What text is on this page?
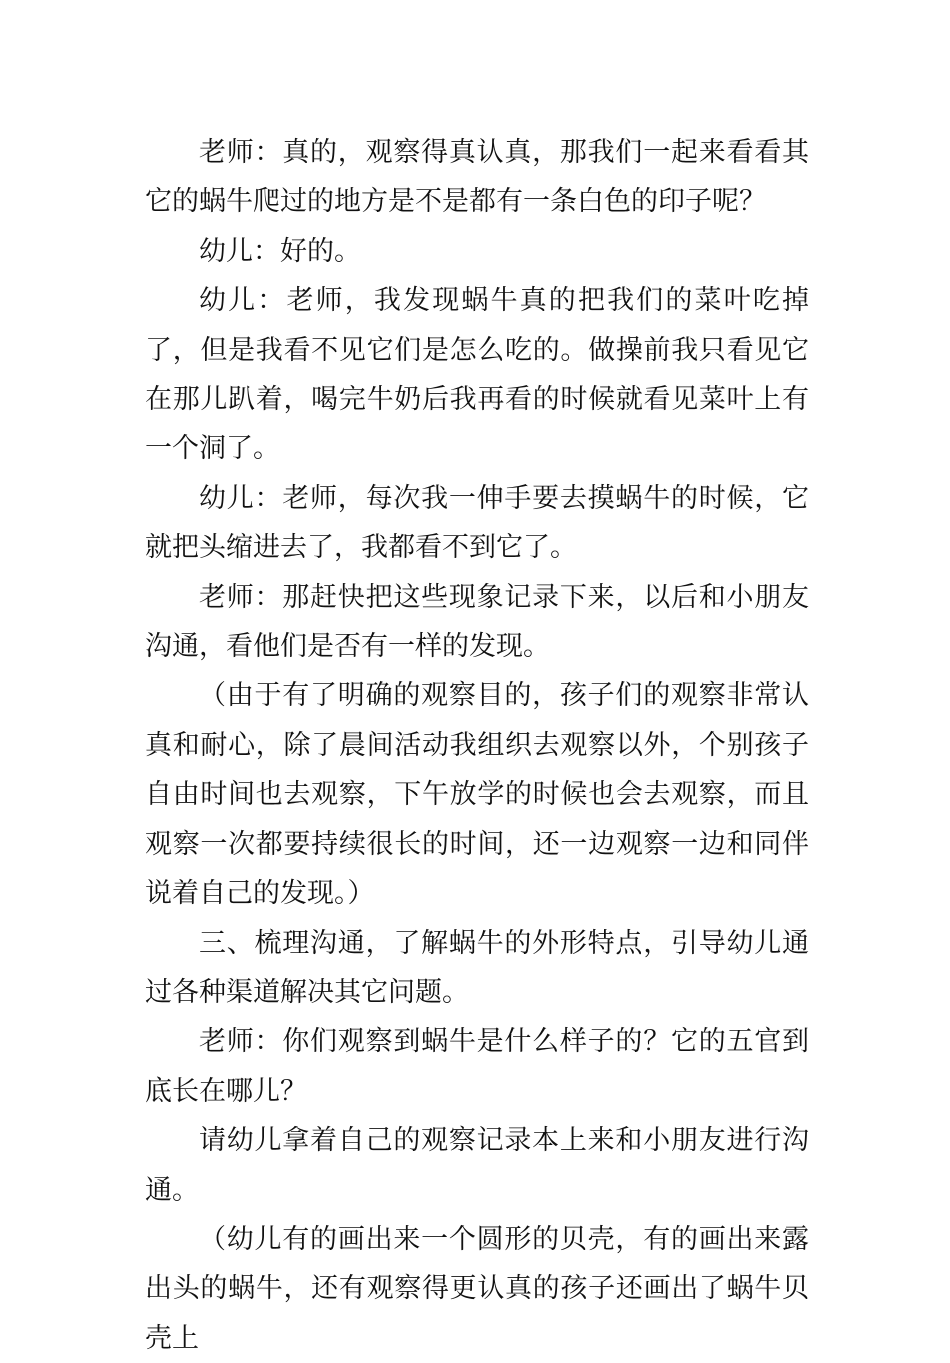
老师：真的，观察得真认真，那我们一起来看看其它的蜗牛爬过的地方是不是都有一条白色的印子呢？

幼儿：好的。

幼儿：老师，我发现蜗牛真的把我们的菜叶吃掉了，但是我看不见它们是怎么吃的。做操前我只看见它在那儿趴着，喝完牛奶后我再看的时候就看见菜叶上有一个洞了。

幼儿：老师，每次我一伸手要去摸蜗牛的时候，它就把头缩进去了，我都看不到它了。

老师：那赶快把这些现象记录下来，以后和小朋友沟通，看他们是否有一样的发现。

（由于有了明确的观察目的，孩子们的观察非常认真和耐心，除了晨间活动我组织去观察以外，个别孩子自由时间也去观察，下午放学的时候也会去观察，而且观察一次都要持续很长的时间，还一边观察一边和同伴说着自己的发现。）

三、梳理沟通，了解蜗牛的外形特点，引导幼儿通过各种渠道解决其它问题。

老师：你们观察到蜗牛是什么样子的？它的五官到底长在哪儿？

请幼儿拿着自己的观察记录本上来和小朋友进行沟通。

（幼儿有的画出来一个圆形的贝壳，有的画出来露出头的蜗牛，还有观察得更认真的孩子还画出了蜗牛贝壳上
